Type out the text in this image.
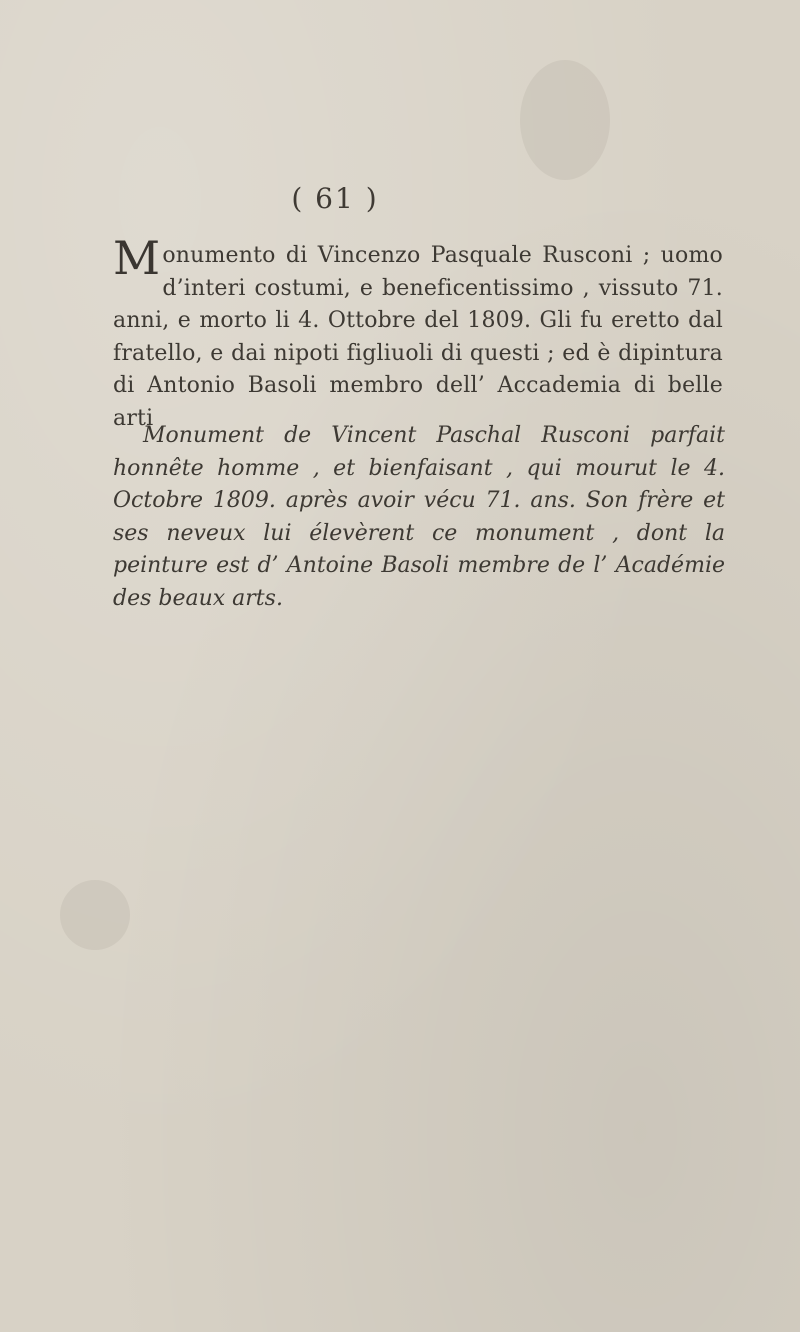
( 61 )
Monumento di Vincenzo Pasquale Rusconi ; uomo d’interi costumi, e beneficentissimo , vissuto 71. anni, e morto li 4. Ottobre del 1809. Gli fu eretto dal fratello, e dai nipoti figliuoli di questi ; ed è dipintura di Antonio Basoli membro dell’ Accademia di belle arti
Monument de Vincent Paschal Rusconi parfait honnête homme , et bienfaisant , qui mourut le 4. Octobre 1809. après avoir vécu 71. ans. Son frère et ses neveux lui élevèrent ce monument , dont la peinture est d’ Antoine Basoli membre de l’ Académie des beaux arts.
